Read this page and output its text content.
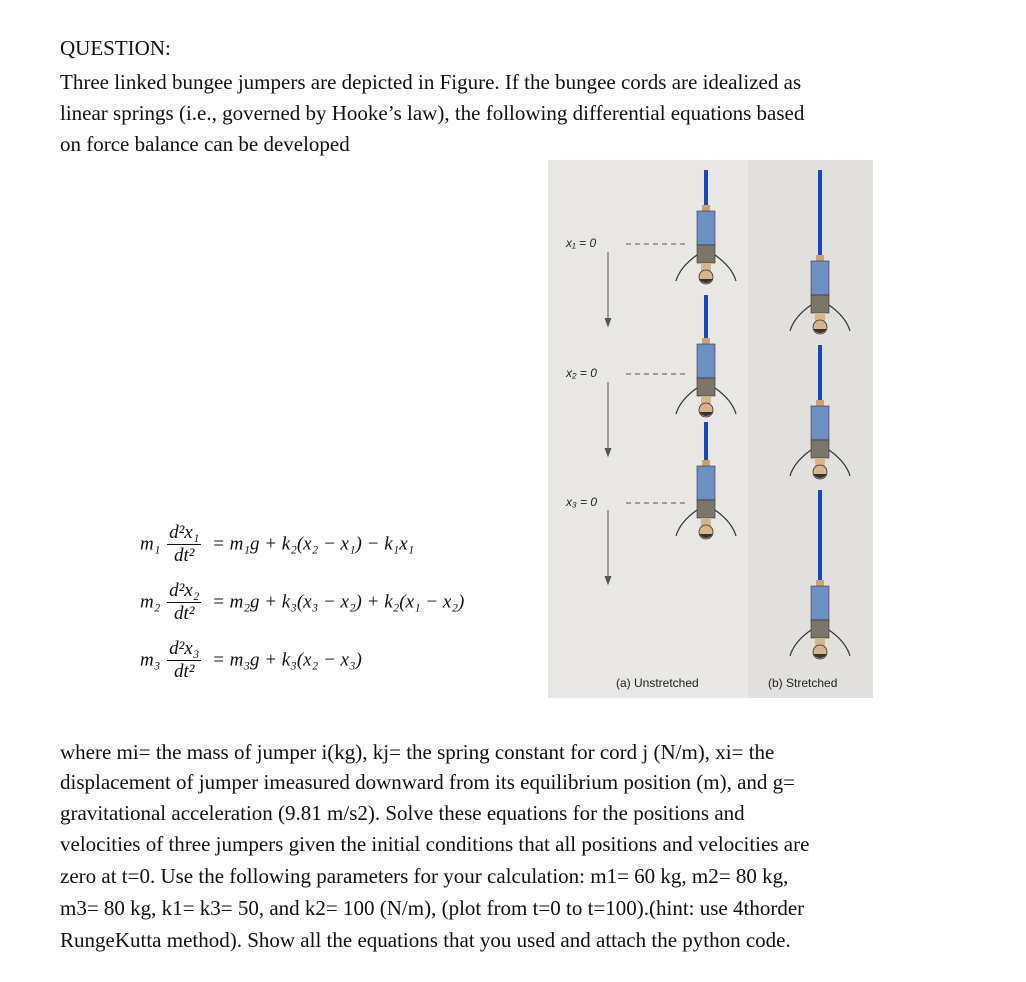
QUESTION:
Three linked bungee jumpers are depicted in Figure. If the bungee cords are idealized as
linear springs (i.e., governed by Hooke’s law), the following differential equations based
on force balance can be developed
$m_1 \frac{\text{d²x₁}}{\text{dt²}} = m_1g + k_2(x_2 - x_1) - k_1x_1$
$m_2 \frac{\text{d²x₂}}{\text{dt²}} = m_2g + k_3(x_3 - x_2) + k_2(x_1 - x_2)$
$m_3 \frac{\text{d²x₃}}{\text{dt²}} = m_3g + k_3(x_2 - x_3)$
x₁ = 0
x₂ = 0
x₃ = 0
(a) Unstretched	(b) Stretched
where mi= the mass of jumper i(kg), kj= the spring constant for cord j (N/m), xi= the
displacement of jumper imeasured downward from its equilibrium position (m), and g=
gravitational acceleration (9.81 m/s2). Solve these equations for the positions and
velocities of three jumpers given the initial conditions that all positions and velocities are
zero at t=0. Use the following parameters for your calculation: m1= 60 kg, m2= 80 kg,
m3= 80 kg, k1= k3= 50, and k2= 100 (N/m), (plot from t=0 to t=100).(hint: use 4thorder
RungeKutta method). Show all the equations that you used and attach the python code.
